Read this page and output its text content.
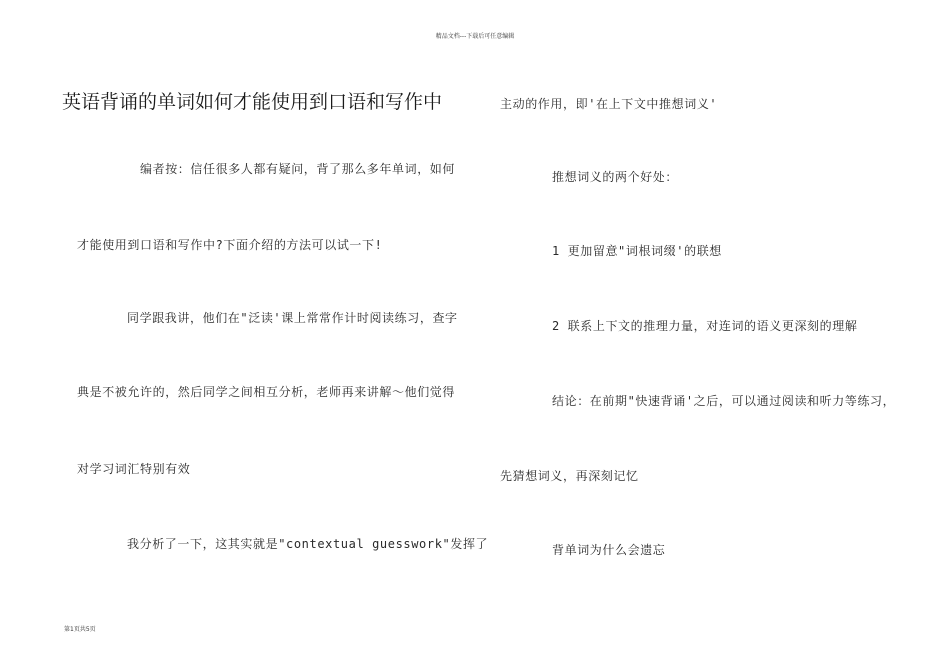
精品文档---下载后可任意编辑
英语背诵的单词如何才能使用到口语和写作中
编者按：信任很多人都有疑问，背了那么多年单词，如何
才能使用到口语和写作中?下面介绍的方法可以试一下!
同学跟我讲，他们在"泛读'课上常常作计时阅读练习，查字
典是不被允许的，然后同学之间相互分析，老师再来讲解～他们觉得
对学习词汇特别有效
我分析了一下，这其实就是"contextual guesswork"发挥了
主动的作用，即'在上下文中推想词义'
推想词义的两个好处：
1 更加留意"词根词缀'的联想
2 联系上下文的推理力量，对连词的语义更深刻的理解
结论：在前期"快速背诵'之后，可以通过阅读和听力等练习，
先猜想词义，再深刻记忆
背单词为什么会遗忘
第1页共5页
